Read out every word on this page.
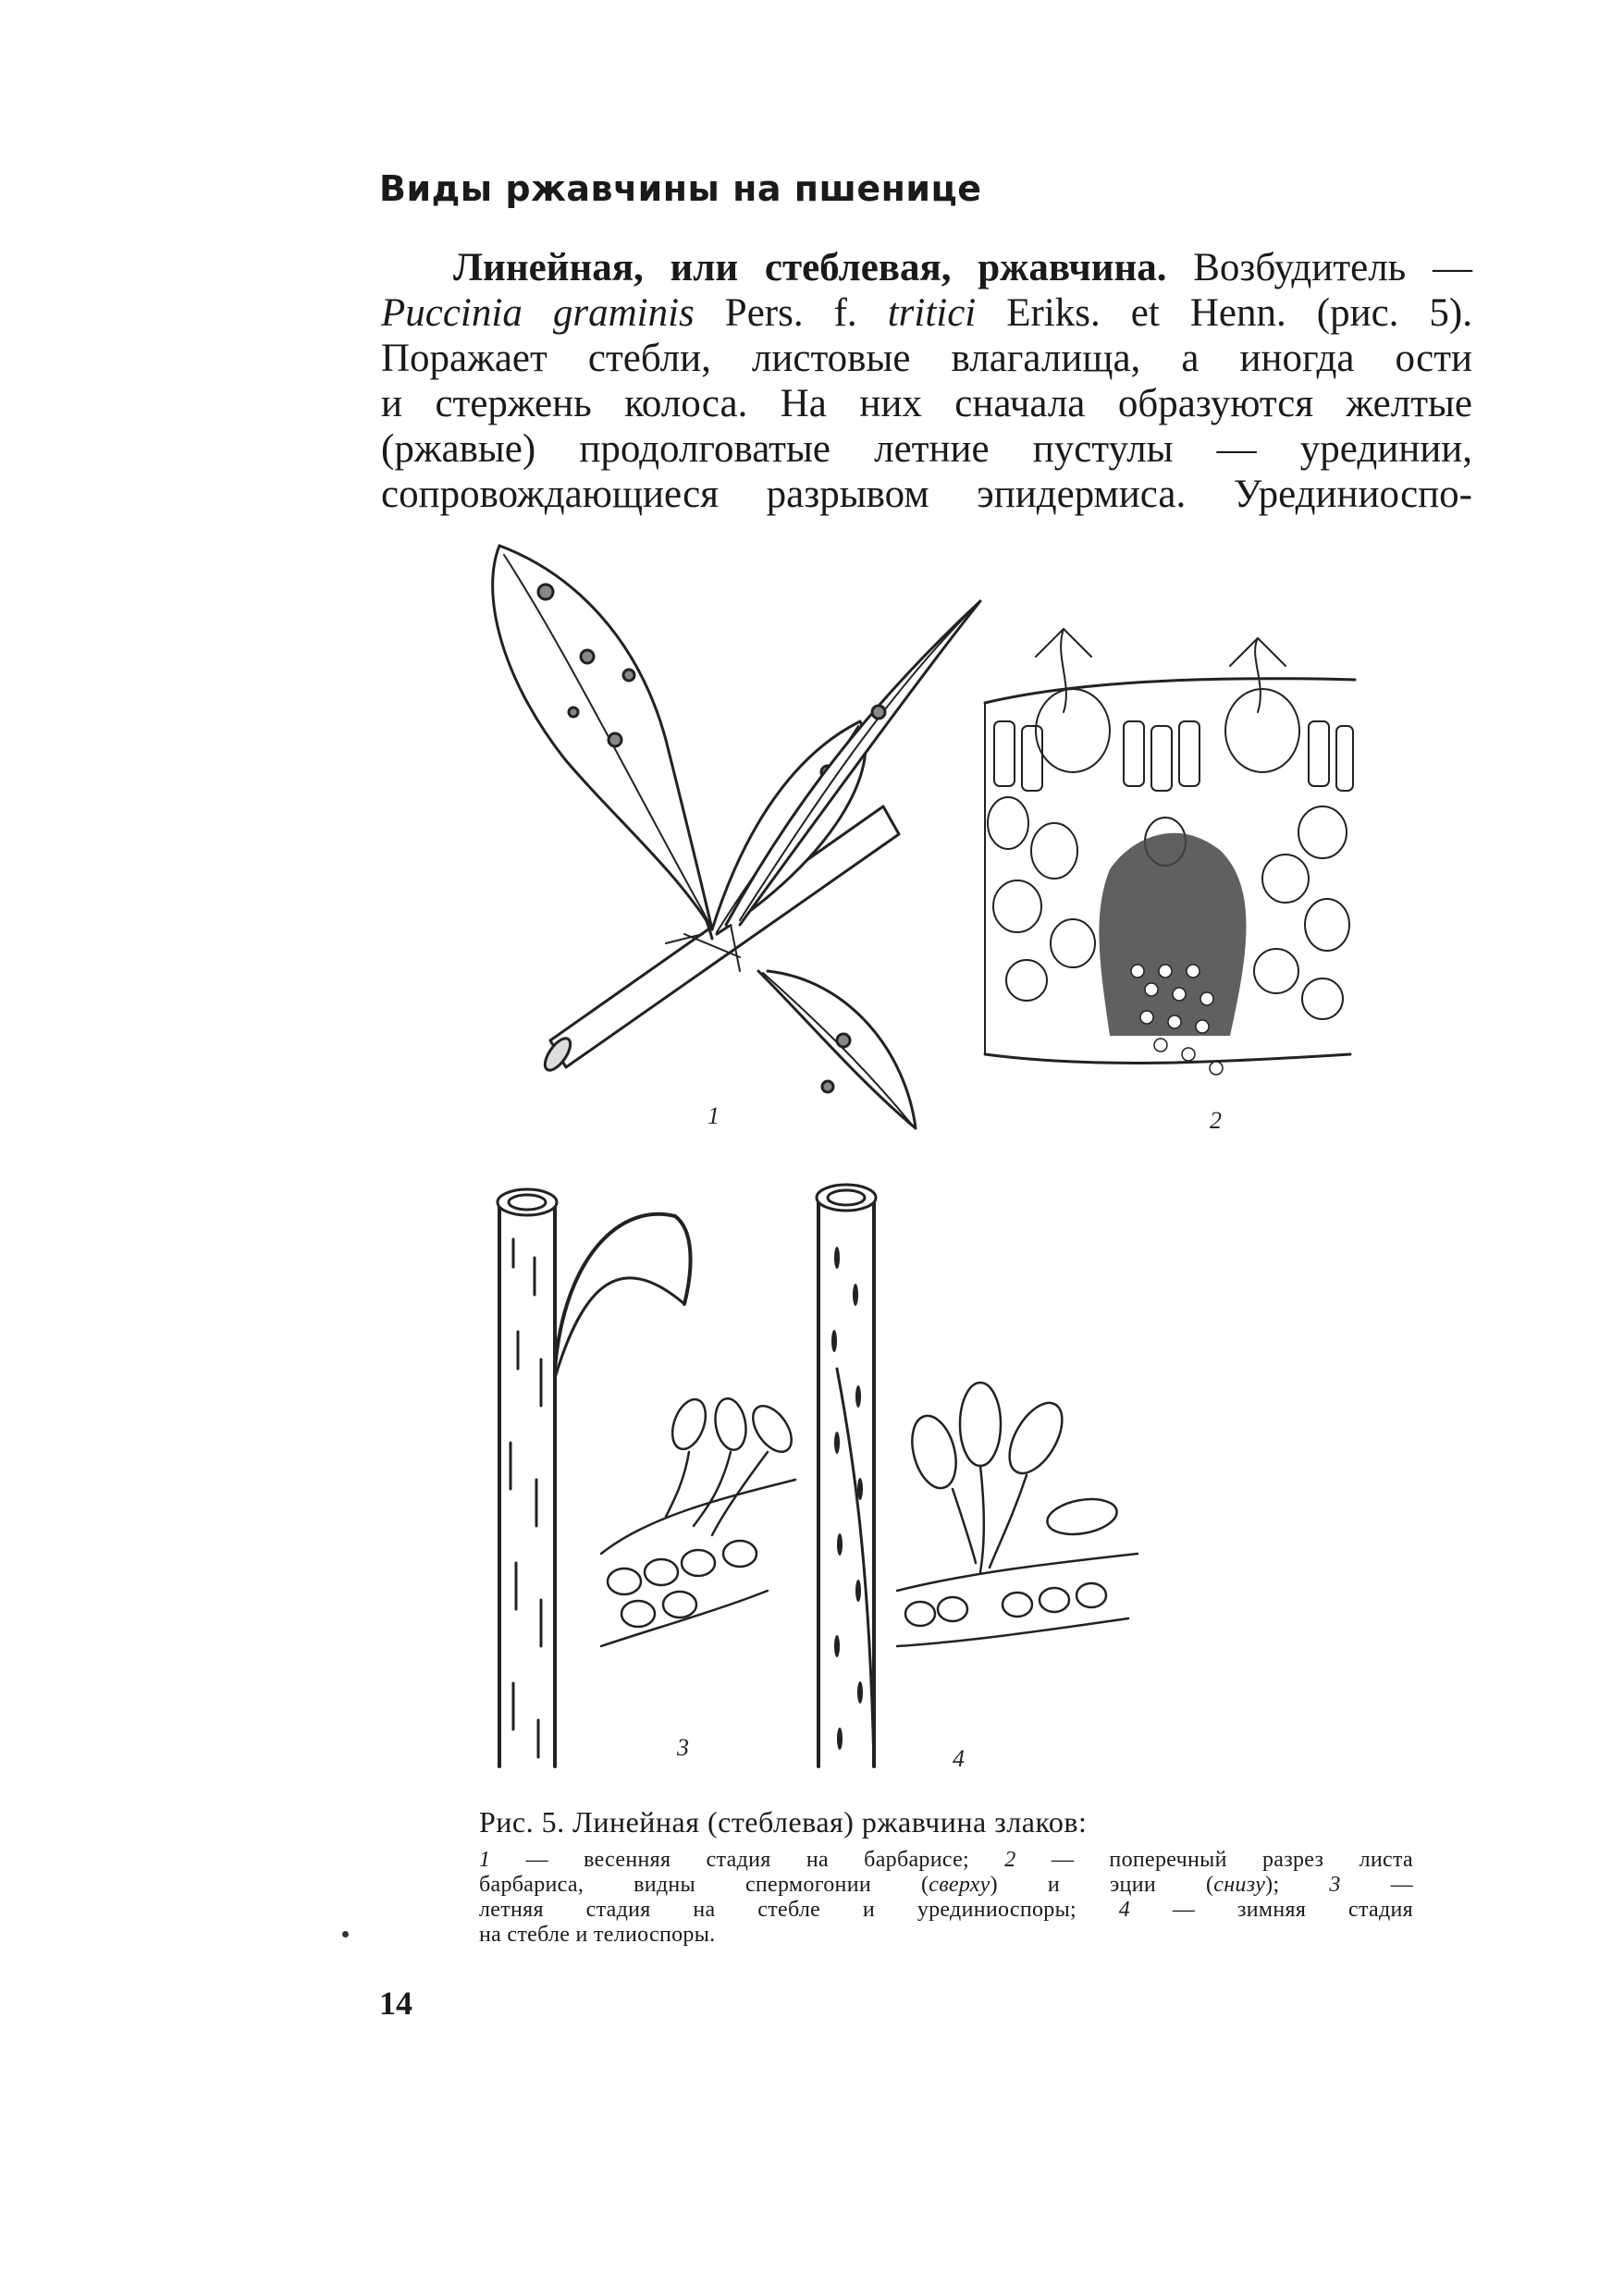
Виды ржавчины на пшенице
Линейная, или стеблевая, ржавчина. Возбудитель —
Puccinia graminis Pers. f. tritici Eriks. et Henn. (рис. 5).
Поражает стебли, листовые влагалища, а иногда ости
и стержень колоса. На них сначала образуются желтые
(ржавые) продолговатые летние пустулы — урединии,
сопровождающиеся разрывом эпидермиса. Урединиоспо-
1	2
3	4
Рис. 5. Линейная (стеблевая) ржавчина злаков:
1 — весенняя стадия на барбарисе; 2 — поперечный разрез листа
барбариса, видны спермогонии (сверху) и эции (снизу); 3 —
летняя стадия на стебле и урединиоспоры; 4 — зимняя стадия
на стебле и телиоспоры.
14
